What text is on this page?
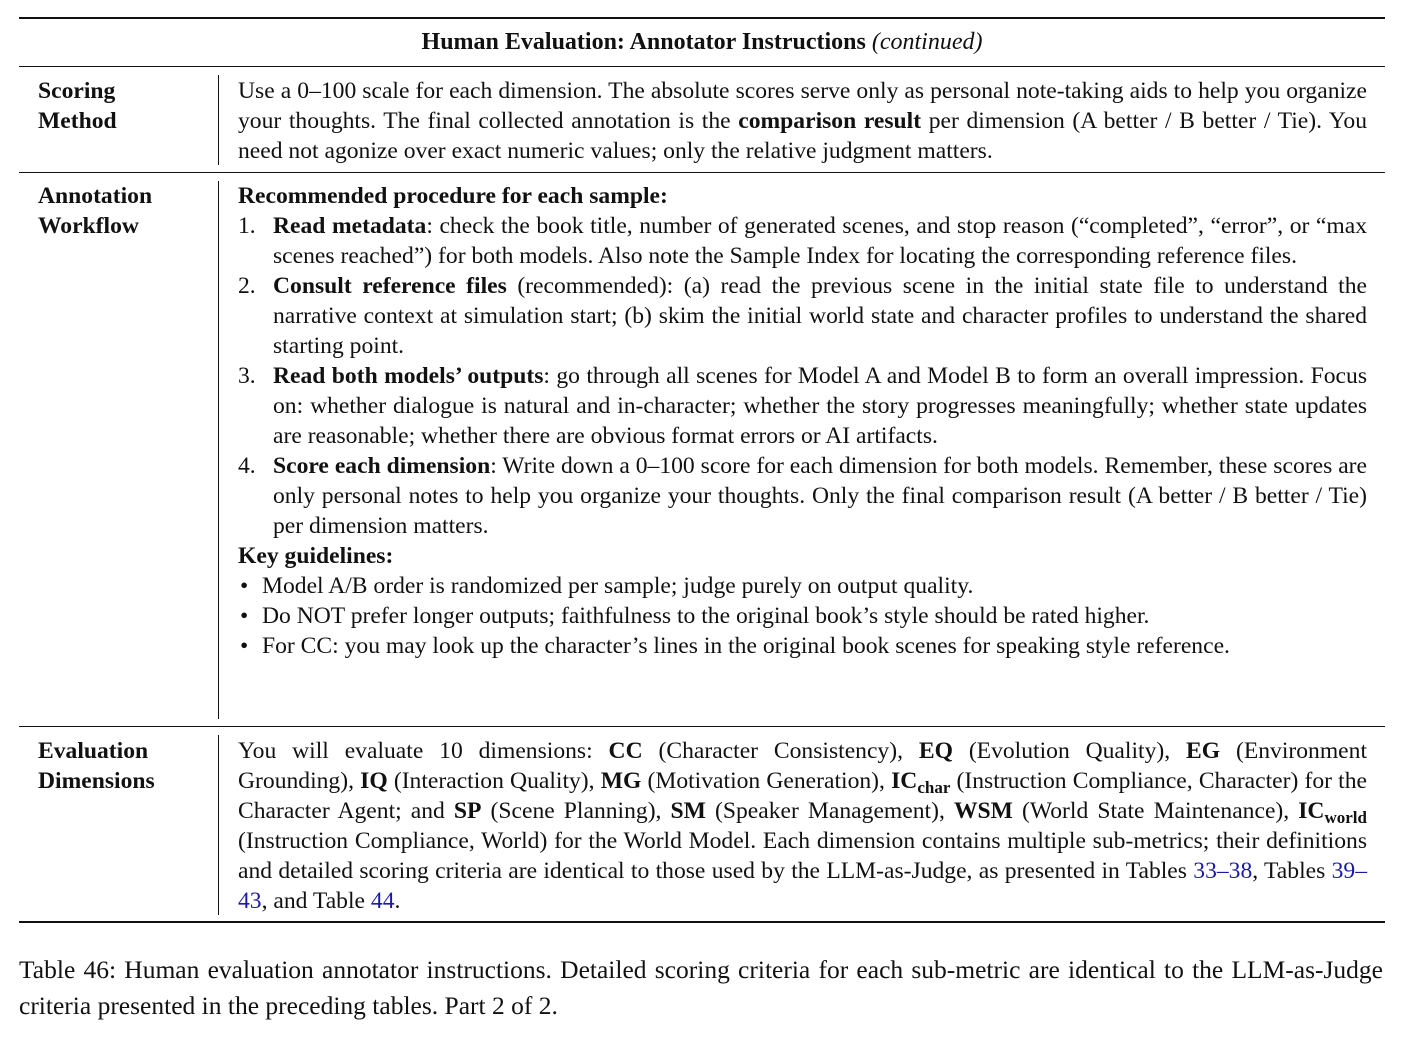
Human Evaluation: Annotator Instructions (continued)
Scoring
Method

Use a 0–100 scale for each dimension. The absolute scores serve only as personal note-taking aids to help you organize your thoughts. The final collected annotation is the comparison result per dimension (A better / B better / Tie). You need not agonize over exact numeric values; only the relative judgment matters.

Annotation
Workflow

Recommended procedure for each sample:

1. Read metadata: check the book title, number of generated scenes, and stop reason (“completed”, “error”, or “max scenes reached”) for both models. Also note the Sample Index for locating the corresponding reference files.
2. Consult reference files (recommended): (a) read the previous scene in the initial state file to understand the narrative context at simulation start; (b) skim the initial world state and character profiles to understand the shared starting point.
3. Read both models’ outputs: go through all scenes for Model A and Model B to form an overall impression. Focus on: whether dialogue is natural and in-character; whether the story progresses meaningfully; whether state updates are reasonable; whether there are obvious format errors or AI artifacts.
4. Score each dimension: Write down a 0–100 score for each dimension for both models. Remember, these scores are only personal notes to help you organize your thoughts. Only the final comparison result (A better / B better / Tie) per dimension matters.

Key guidelines:

• Model A/B order is randomized per sample; judge purely on output quality.
• Do NOT prefer longer outputs; faithfulness to the original book’s style should be rated higher.
• For CC: you may look up the character’s lines in the original book scenes for speaking style reference.
Evaluation
Dimensions

You will evaluate 10 dimensions: CC (Character Consistency), EQ (Evolution Quality), EG (Environment Grounding), IQ (Interaction Quality), MG (Motivation Generation), $IC_{char}$ (Instruction Compliance, Character) for the Character Agent; and SP (Scene Planning), SM (Speaker Management), WSM (World State Maintenance), $IC_{world}$ (Instruction Compliance, World) for the World Model. Each dimension contains multiple sub-metrics; their definitions and detailed scoring criteria are identical to those used by the LLM-as-Judge, as presented in Tables 33–38, Tables 39–43, and Table 44.

Table 46: Human evaluation annotator instructions. Detailed scoring criteria for each sub-metric are identical to the LLM-as-Judge criteria presented in the preceding tables. Part 2 of 2.
